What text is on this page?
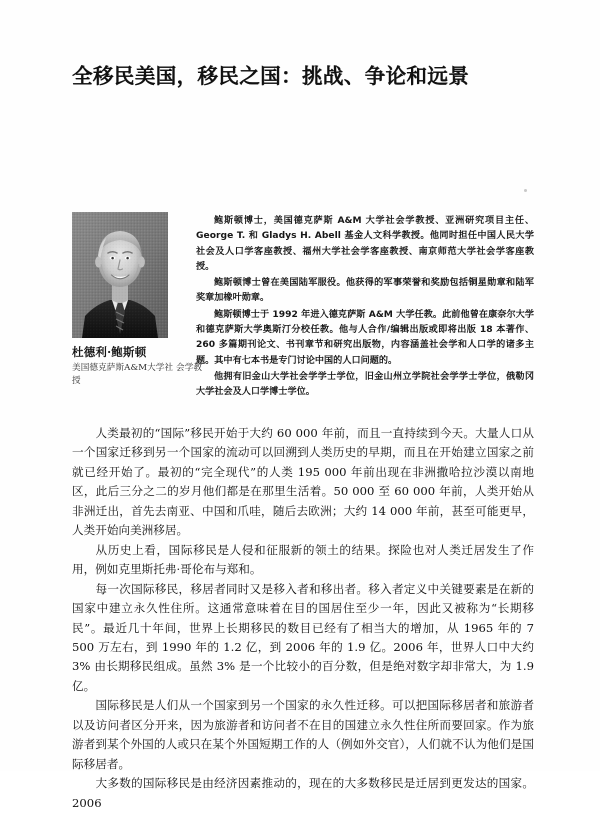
全移民美国，移民之国：挑战、争论和远景
杜德利·鲍斯顿
美国德克萨斯A&M大学社 会学教授

鲍斯顿博士，美国德克萨斯 A&M 大学社会学教授、亚洲研究项目主任、George T. 和 Gladys H. Abell 基金人文科学教授。他同时担任中国人民大学社会及人口学客座教授、福州大学社会学客座教授、南京师范大学社会学客座教授。

鲍斯顿博士曾在美国陆军服役。他获得的军事荣誉和奖励包括铜星勋章和陆军奖章加橡叶勋章。

鲍斯顿博士于 1992 年进入德克萨斯 A&M 大学任教。此前他曾在康奈尔大学和德克萨斯大学奥斯汀分校任教。他与人合作/编辑出版或即将出版 18 本著作、260 多篇期刊论文、书刊章节和研究出版物，内容涵盖社会学和人口学的诸多主题。其中有七本书是专门讨论中国的人口问题的。

他拥有旧金山大学社会学学士学位，旧金山州立学院社会学学士学位，俄勒冈大学社会及人口学博士学位。

人类最初的“国际”移民开始于大约 60 000 年前，而且一直持续到今天。大量人口从一个国家迁移到另一个国家的流动可以回溯到人类历史的早期，而且在开始建立国家之前就已经开始了。最初的“完全现代”的人类 195 000 年前出现在非洲撒哈拉沙漠以南地区，此后三分之二的岁月他们都是在那里生活着。50 000 至 60 000 年前，人类开始从非洲迁出，首先去南亚、中国和爪哇，随后去欧洲；大约 14 000 年前，甚至可能更早，人类开始向美洲移居。

从历史上看，国际移民是人侵和征服新的领土的结果。探险也对人类迁居发生了作用，例如克里斯托弗·哥伦布与郑和。

每一次国际移民，移居者同时又是移入者和移出者。移入者定义中关键要素是在新的国家中建立永久性住所。这通常意味着在目的国居住至少一年，因此又被称为“长期移民”。最近几十年间，世界上长期移民的数目已经有了相当大的增加，从 1965 年的 7 500 万左右，到 1990 年的 1.2 亿，到 2006 年的 1.9 亿。2006 年，世界人口中大约 3% 由长期移民组成。虽然 3% 是一个比较小的百分数，但是绝对数字却非常大，为 1.9 亿。

国际移民是人们从一个国家到另一个国家的永久性迁移。可以把国际移居者和旅游者以及访问者区分开来，因为旅游者和访问者不在目的国建立永久性住所而要回家。作为旅游者到某个外国的人或只在某个外国短期工作的人（例如外交官），人们就不认为他们是国际移居者。

大多数的国际移民是由经济因素推动的，现在的大多数移民是迁居到更发达的国家。2006
